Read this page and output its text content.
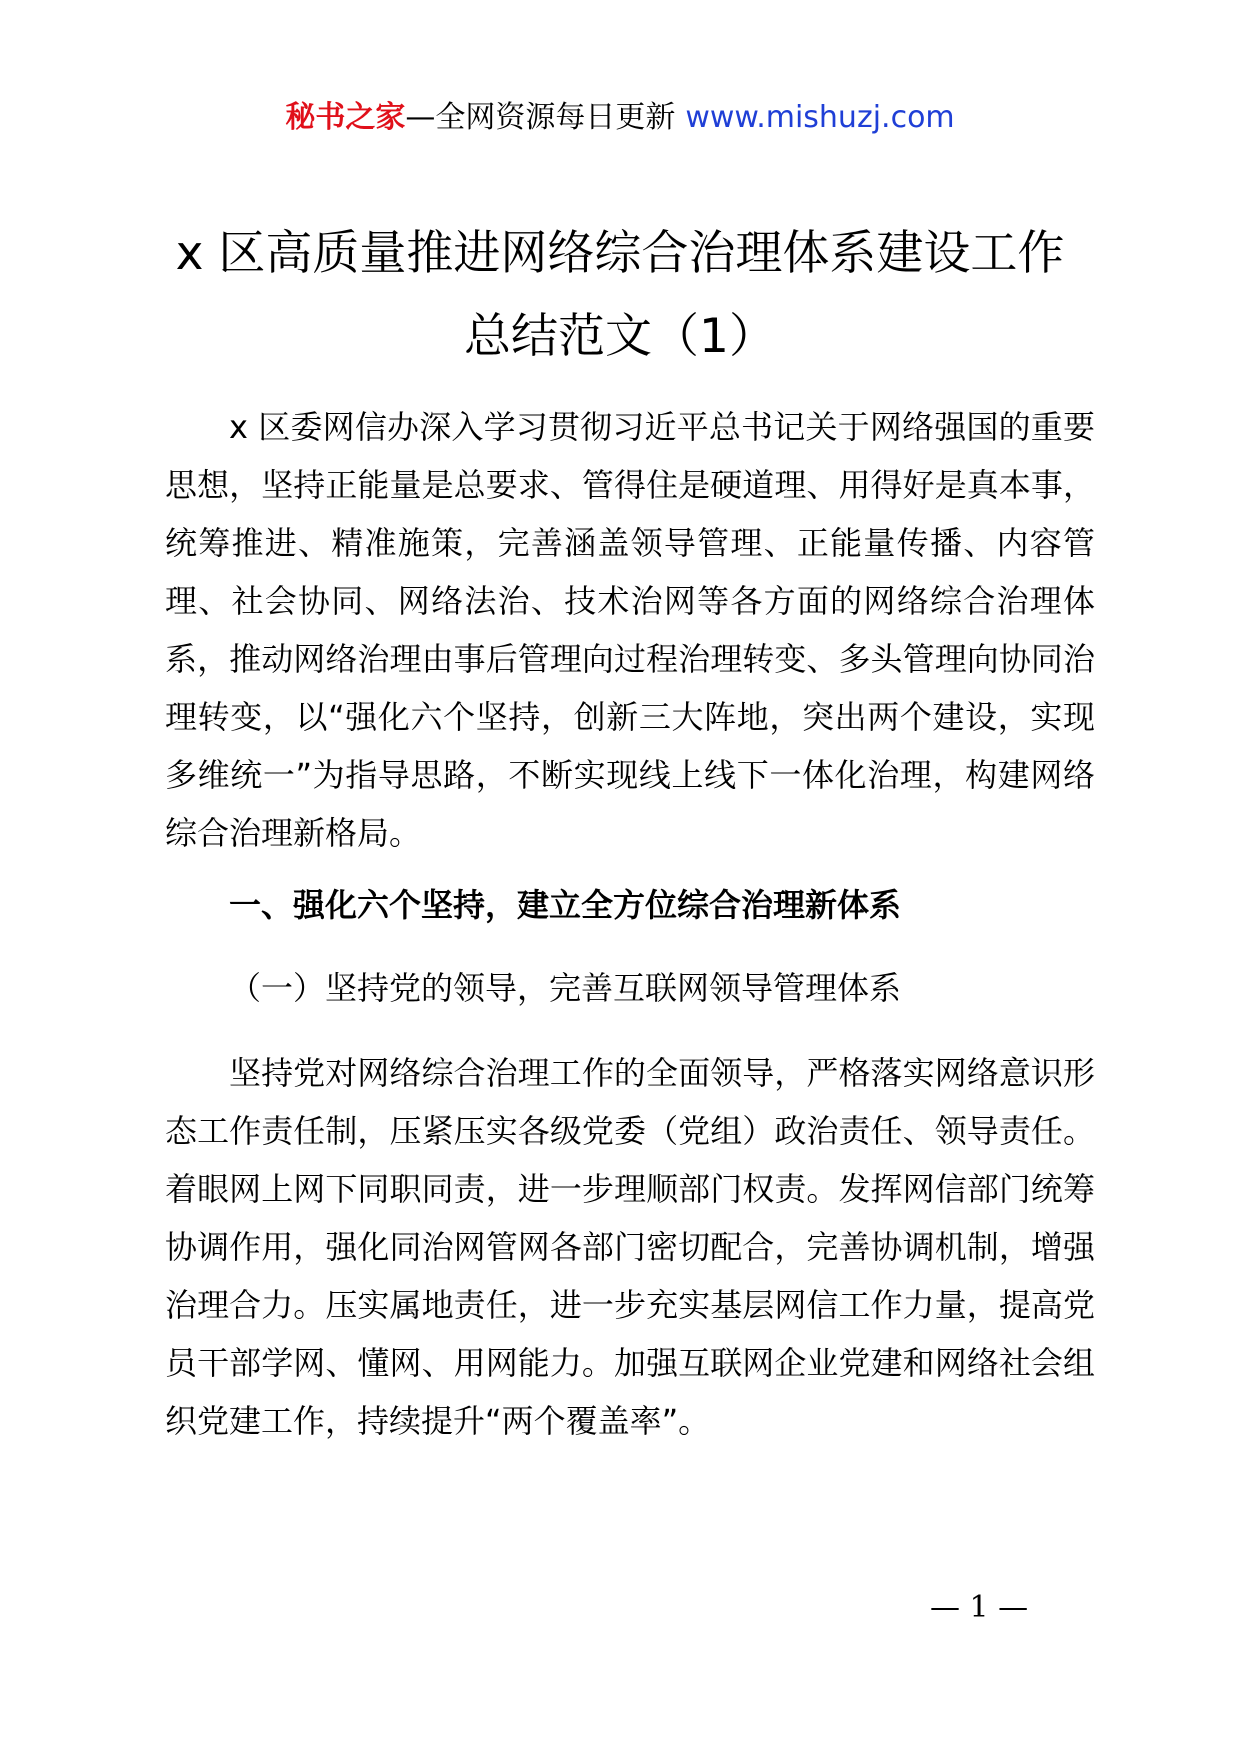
秘书之家—全网资源每日更新 www.mishuzj.com
x 区高质量推进网络综合治理体系建设工作
总结范文（1）
x 区委网信办深入学习贯彻习近平总书记关于网络强国的重要思想，坚持正能量是总要求、管得住是硬道理、用得好是真本事，统筹推进、精准施策，完善涵盖领导管理、正能量传播、内容管理、社会协同、网络法治、技术治网等各方面的网络综合治理体系，推动网络治理由事后管理向过程治理转变、多头管理向协同治理转变，以“强化六个坚持，创新三大阵地，突出两个建设，实现多维统一”为指导思路，不断实现线上线下一体化治理，构建网络综合治理新格局。
一、强化六个坚持，建立全方位综合治理新体系
（一）坚持党的领导，完善互联网领导管理体系
坚持党对网络综合治理工作的全面领导，严格落实网络意识形态工作责任制，压紧压实各级党委（党组）政治责任、领导责任。着眼网上网下同职同责，进一步理顺部门权责。发挥网信部门统筹协调作用，强化同治网管网各部门密切配合，完善协调机制，增强治理合力。压实属地责任，进一步充实基层网信工作力量，提高党员干部学网、懂网、用网能力。加强互联网企业党建和网络社会组织党建工作，持续提升“两个覆盖率”。
— 1 —
